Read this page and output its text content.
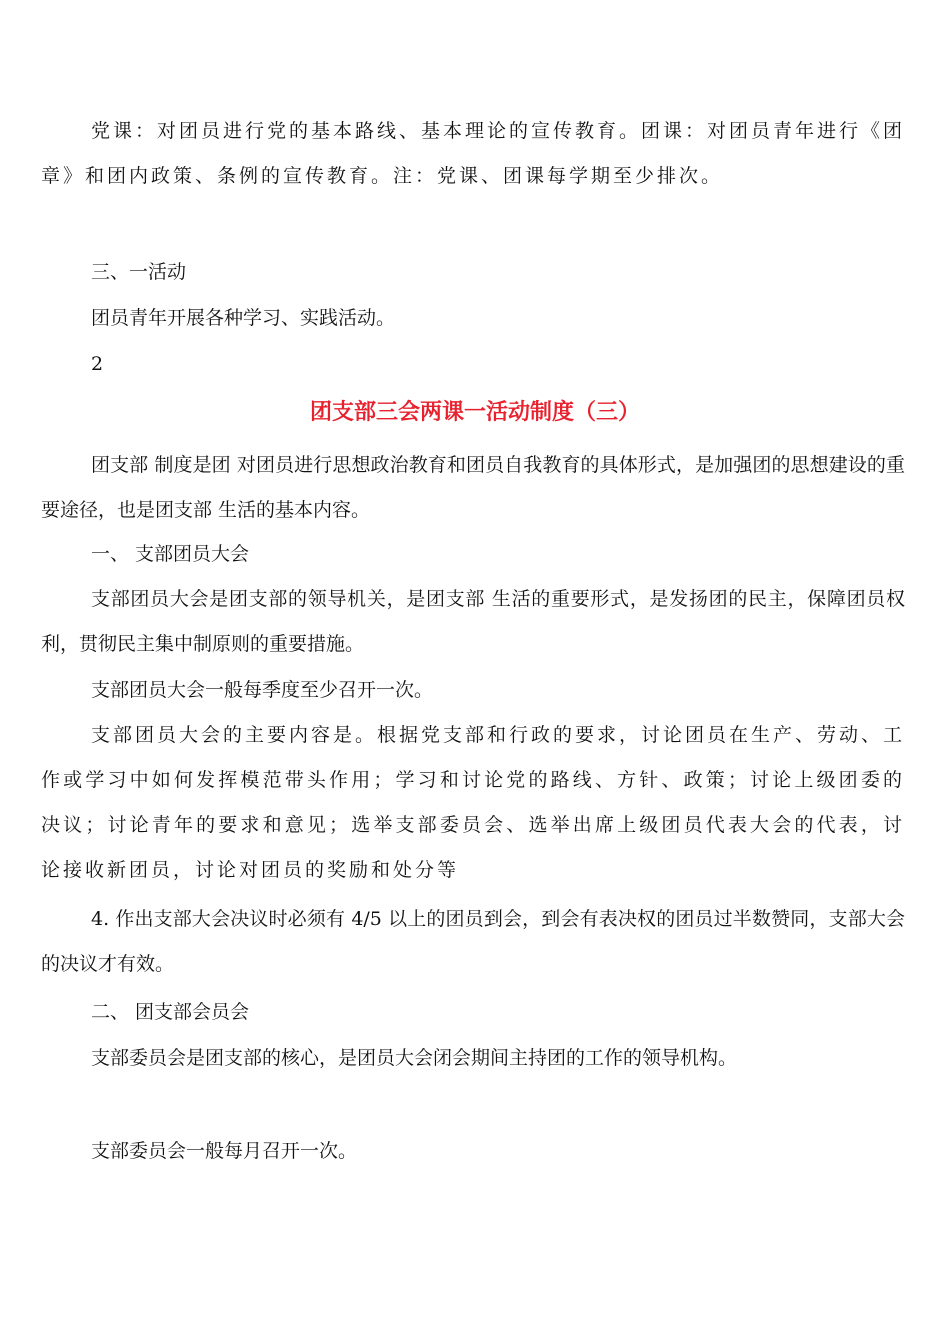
党课：对团员进行党的基本路线、基本理论的宣传教育。团课：对团员青年进行《团章》和团内政策、条例的宣传教育。注：党课、团课每学期至少排次。

三、一活动

团员青年开展各种学习、实践活动。

2

团支部三会两课一活动制度（三）

团支部 制度是团 对团员进行思想政治教育和团员自我教育的具体形式，是加强团的思想建设的重要途径，也是团支部 生活的基本内容。

一、 支部团员大会

支部团员大会是团支部的领导机关，是团支部 生活的重要形式，是发扬团的民主，保障团员权利，贯彻民主集中制原则的重要措施。

支部团员大会一般每季度至少召开一次。

支部团员大会的主要内容是。根据党支部和行政的要求，讨论团员在生产、劳动、工作或学习中如何发挥模范带头作用；学习和讨论党的路线、方针、政策；讨论上级团委的决议；讨论青年的要求和意见；选举支部委员会、选举出席上级团员代表大会的代表，讨论接收新团员，讨论对团员的奖励和处分等

4. 作出支部大会决议时必须有 4/5 以上的团员到会，到会有表决权的团员过半数赞同，支部大会的决议才有效。

二、 团支部会员会

支部委员会是团支部的核心，是团员大会闭会期间主持团的工作的领导机构。

支部委员会一般每月召开一次。
